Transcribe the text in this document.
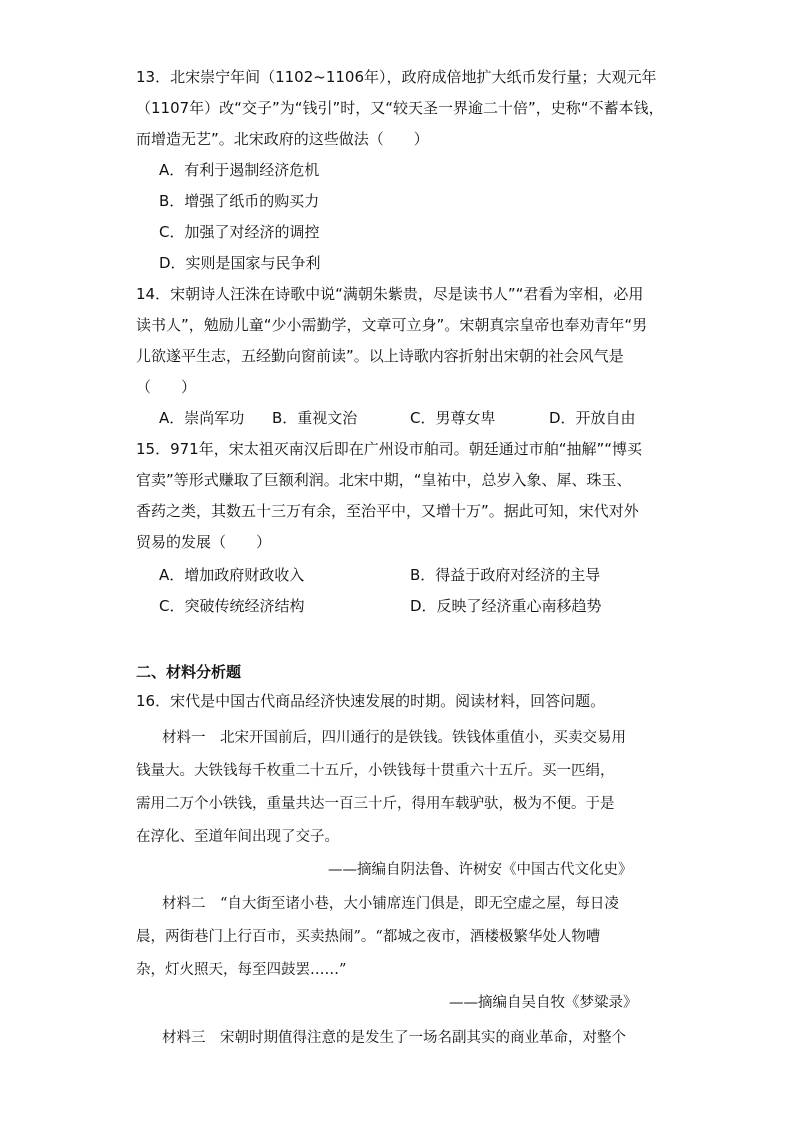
13．北宋崇宁年间（1102~1106年），政府成倍地扩大纸币发行量；大观元年
（1107年）改“交子”为“钱引”时，又“较天圣一界逾二十倍”，史称“不蓄本钱，
而增造无艺”。北宋政府的这些做法（　　）
A．有利于遏制经济危机
B．增强了纸币的购买力
C．加强了对经济的调控
D．实则是国家与民争利
14．宋朝诗人汪洙在诗歌中说“满朝朱紫贵，尽是读书人”“君看为宰相，必用
读书人”，勉励儿童“少小需勤学，文章可立身”。宋朝真宗皇帝也奉劝青年“男
儿欲遂平生志，五经勤向窗前读”。以上诗歌内容折射出宋朝的社会风气是
（　　）
A．崇尚军功 B．重视文治	C．男尊女卑	D．开放自由
15．971年，宋太祖灭南汉后即在广州设市舶司。朝廷通过市舶“抽解”“博买
官卖”等形式赚取了巨额利润。北宋中期，“皇祐中，总岁入象、犀、珠玉、
香药之类，其数五十三万有余，至治平中，又增十万”。据此可知，宋代对外
贸易的发展（　　）
A．增加政府财政收入	B．得益于政府对经济的主导
C．突破传统经济结构	D．反映了经济重心南移趋势
二、材料分析题
16．宋代是中国古代商品经济快速发展的时期。阅读材料，回答问题。
材料一　北宋开国前后，四川通行的是铁钱。铁钱体重值小，买卖交易用
钱量大。大铁钱每千枚重二十五斤，小铁钱每十贯重六十五斤。买一匹绢，
需用二万个小铁钱，重量共达一百三十斤，得用车载驴驮，极为不便。于是
在淳化、至道年间出现了交子。
——摘编自阴法鲁、许树安《中国古代文化史》
材料二　“自大街至诸小巷，大小铺席连门俱是，即无空虚之屋，每日凌
晨，两街巷门上行百市，买卖热闹”。“都城之夜市，酒楼极繁华处人物嘈
杂，灯火照天，每至四鼓罢……”
——摘编自吴自牧《梦粱录》
材料三　宋朝时期值得注意的是发生了一场名副其实的商业革命，对整个
